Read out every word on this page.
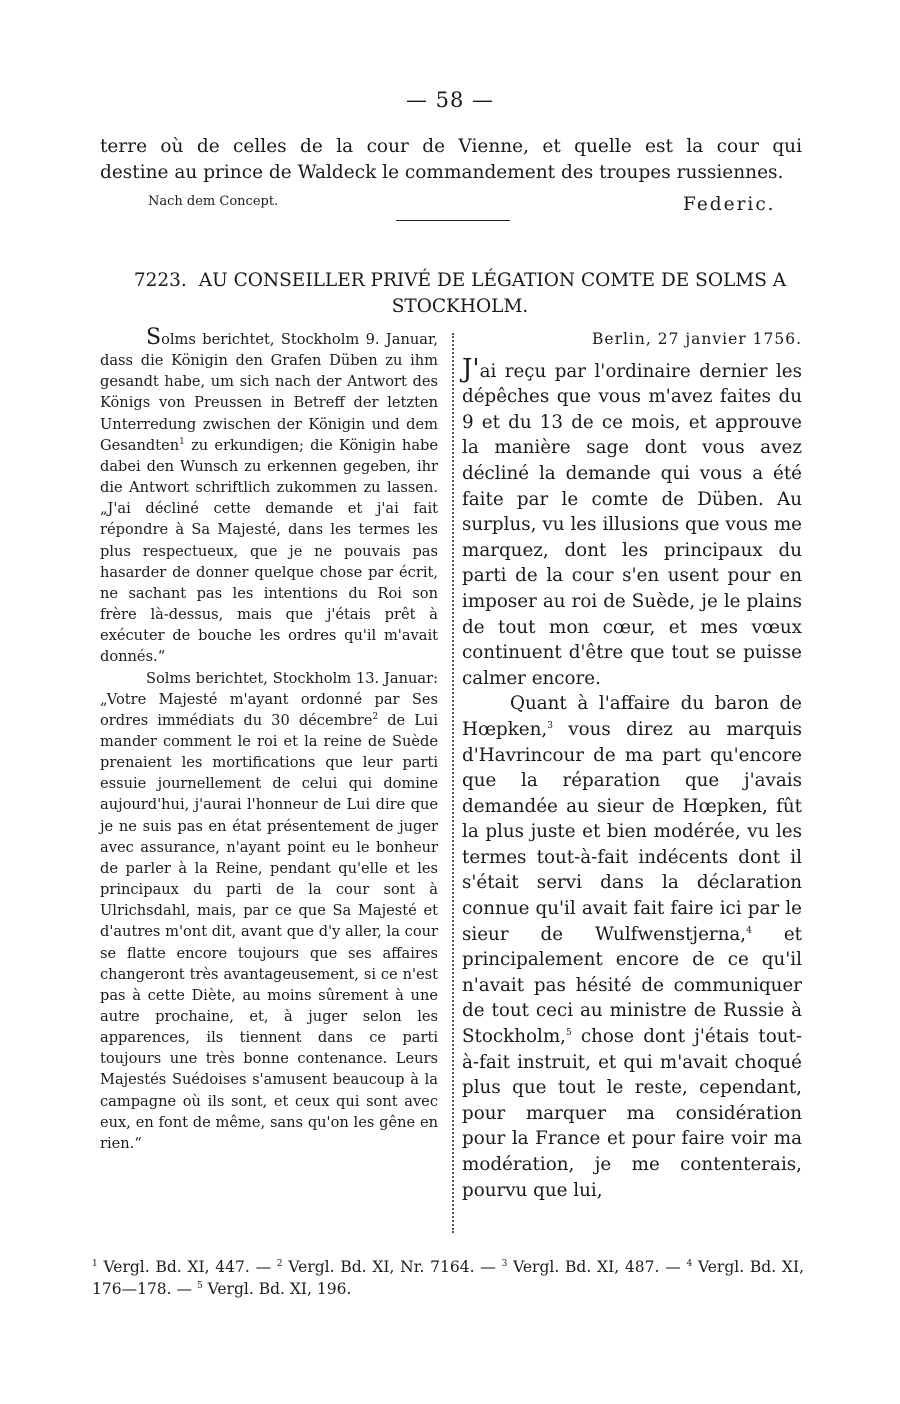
— 58 —
terre où de celles de la cour de Vienne, et quelle est la cour qui
destine au prince de Waldeck le commandement des troupes russiennes.
Nach dem Concept.	Federic.
7223. AU CONSEILLER PRIVÉ DE LÉGATION COMTE DE SOLMS A STOCKHOLM.

Solms berichtet, Stockholm 9. Januar, dass die Königin den Grafen Düben zu ihm gesandt habe, um sich nach der Antwort des Königs von Preussen in Betreff der letzten Unterredung zwischen der Königin und dem Gesandten$^1$ zu erkundigen; die Königin habe dabei den Wunsch zu erkennen gegeben, ihr die Antwort schriftlich zukommen zu lassen. „J'ai décliné cette demande et j'ai fait répondre à Sa Majesté, dans les termes les plus respectueux, que je ne pouvais pas hasarder de donner quelque chose par écrit, ne sachant pas les intentions du Roi son frère là-dessus, mais que j'étais prêt à exécuter de bouche les ordres qu'il m'avait donnés.“

Solms berichtet, Stockholm 13. Januar: „Votre Majesté m'ayant ordonné par Ses ordres immédiats du 30 décembre$^2$ de Lui mander comment le roi et la reine de Suède prenaient les mortifications que leur parti essuie journellement de celui qui domine aujourd'hui, j'aurai l'honneur de Lui dire que je ne suis pas en état présentement de juger avec assurance, n'ayant point eu le bonheur de parler à la Reine, pendant qu'elle et les principaux du parti de la cour sont à Ulrichsdahl, mais, par ce que Sa Majesté et d'autres m'ont dit, avant que d'y aller, la cour se flatte encore toujours que ses affaires changeront très avantageusement, si ce n'est pas à cette Diète, au moins sûrement à une autre prochaine, et, à juger selon les apparences, ils tiennent dans ce parti toujours une très bonne contenance. Leurs Majestés Suédoises s'amusent beaucoup à la campagne où ils sont, et ceux qui sont avec eux, en font de même, sans qu'on les gêne en rien.“

Berlin, 27 janvier 1756.

J'ai reçu par l'ordinaire dernier les dépêches que vous m'avez faites du 9 et du 13 de ce mois, et approuve la manière sage dont vous avez décliné la demande qui vous a été faite par le comte de Düben. Au surplus, vu les illusions que vous me marquez, dont les principaux du parti de la cour s'en usent pour en imposer au roi de Suède, je le plains de tout mon cœur, et mes vœux continuent d'être que tout se puisse calmer encore.

Quant à l'affaire du baron de Hœpken,$^3$ vous direz au marquis d'Havrincour de ma part qu'encore que la réparation que j'avais demandée au sieur de Hœpken, fût la plus juste et bien modérée, vu les termes tout-à-fait indécents dont il s'était servi dans la déclaration connue qu'il avait fait faire ici par le sieur de Wulfwenstjerna,$^4$ et principalement encore de ce qu'il n'avait pas hésité de communiquer de tout ceci au ministre de Russie à Stockholm,$^5$ chose dont j'étais tout-à-fait instruit, et qui m'avait choqué plus que tout le reste, cependant, pour marquer ma considération pour la France et pour faire voir ma modération, je me contenterais, pourvu que lui,

$^1$ Vergl. Bd. XI, 447. — $^2$ Vergl. Bd. XI, Nr. 7164. — $^3$ Vergl. Bd. XI, 487. — $^4$ Vergl. Bd. XI, 176—178. — $^5$ Vergl. Bd. XI, 196.
